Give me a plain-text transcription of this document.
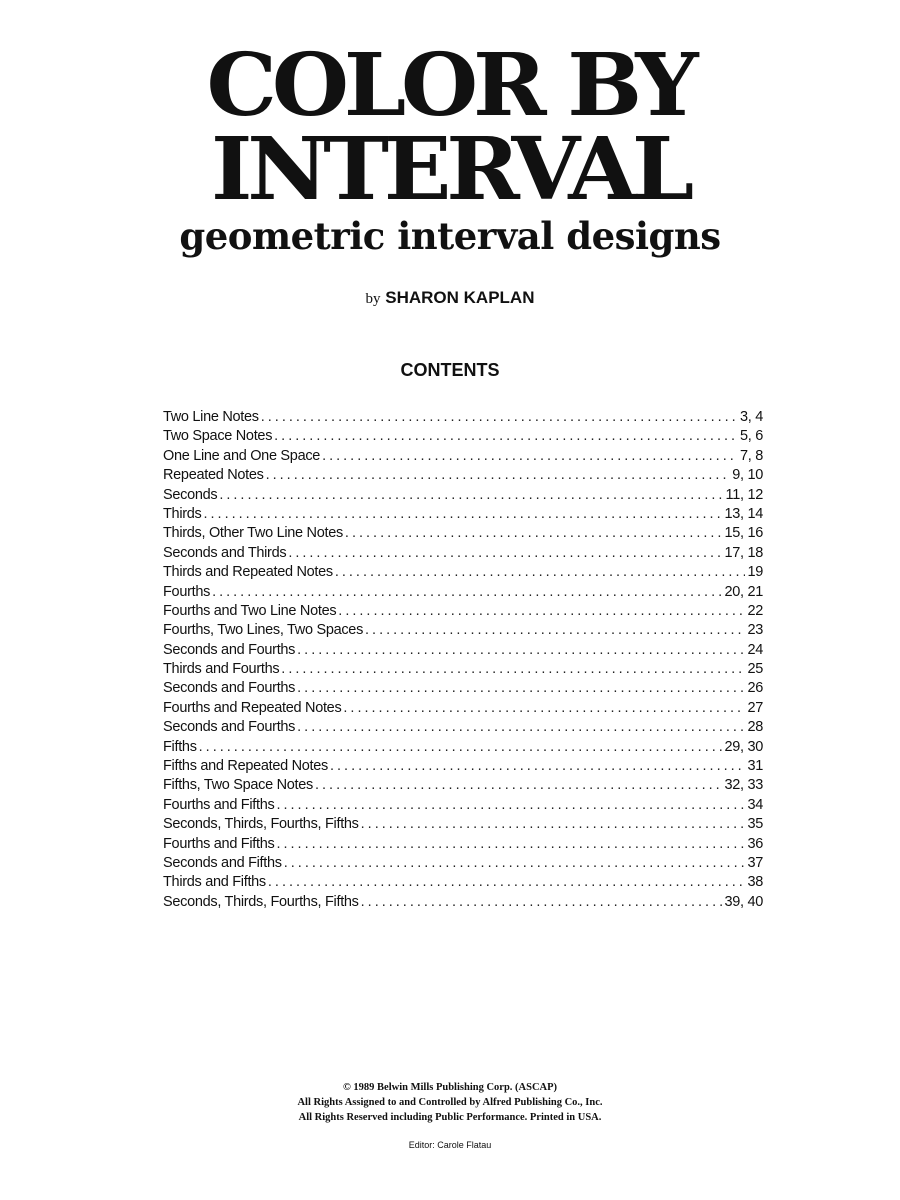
COLOR BY
INTERVAL
geometric interval designs
by SHARON KAPLAN
CONTENTS
Two Line Notes .....	3, 4
Two Space Notes .....	5, 6
One Line and One Space .....	7, 8
Repeated Notes .....	9, 10
Seconds .....	11, 12
Thirds .....	13, 14
Thirds, Other Two Line Notes .....	15, 16
Seconds and Thirds .....	17, 18
Thirds and Repeated Notes .....	19
Fourths .....	20, 21
Fourths and Two Line Notes .....	22
Fourths, Two Lines, Two Spaces .....	23
Seconds and Fourths .....	24
Thirds and Fourths .....	25
Seconds and Fourths .....	26
Fourths and Repeated Notes .....	27
Seconds and Fourths .....	28
Fifths .....	29, 30
Fifths and Repeated Notes .....	31
Fifths, Two Space Notes .....	32, 33
Fourths and Fifths .....	34
Seconds, Thirds, Fourths, Fifths .....	35
Fourths and Fifths .....	36
Seconds and Fifths .....	37
Thirds and Fifths .....	38
Seconds, Thirds, Fourths, Fifths .....	39, 40
© 1989 Belwin Mills Publishing Corp. (ASCAP)
All Rights Assigned to and Controlled by Alfred Publishing Co., Inc.
All Rights Reserved including Public Performance. Printed in USA.
Editor: Carole Flatau
